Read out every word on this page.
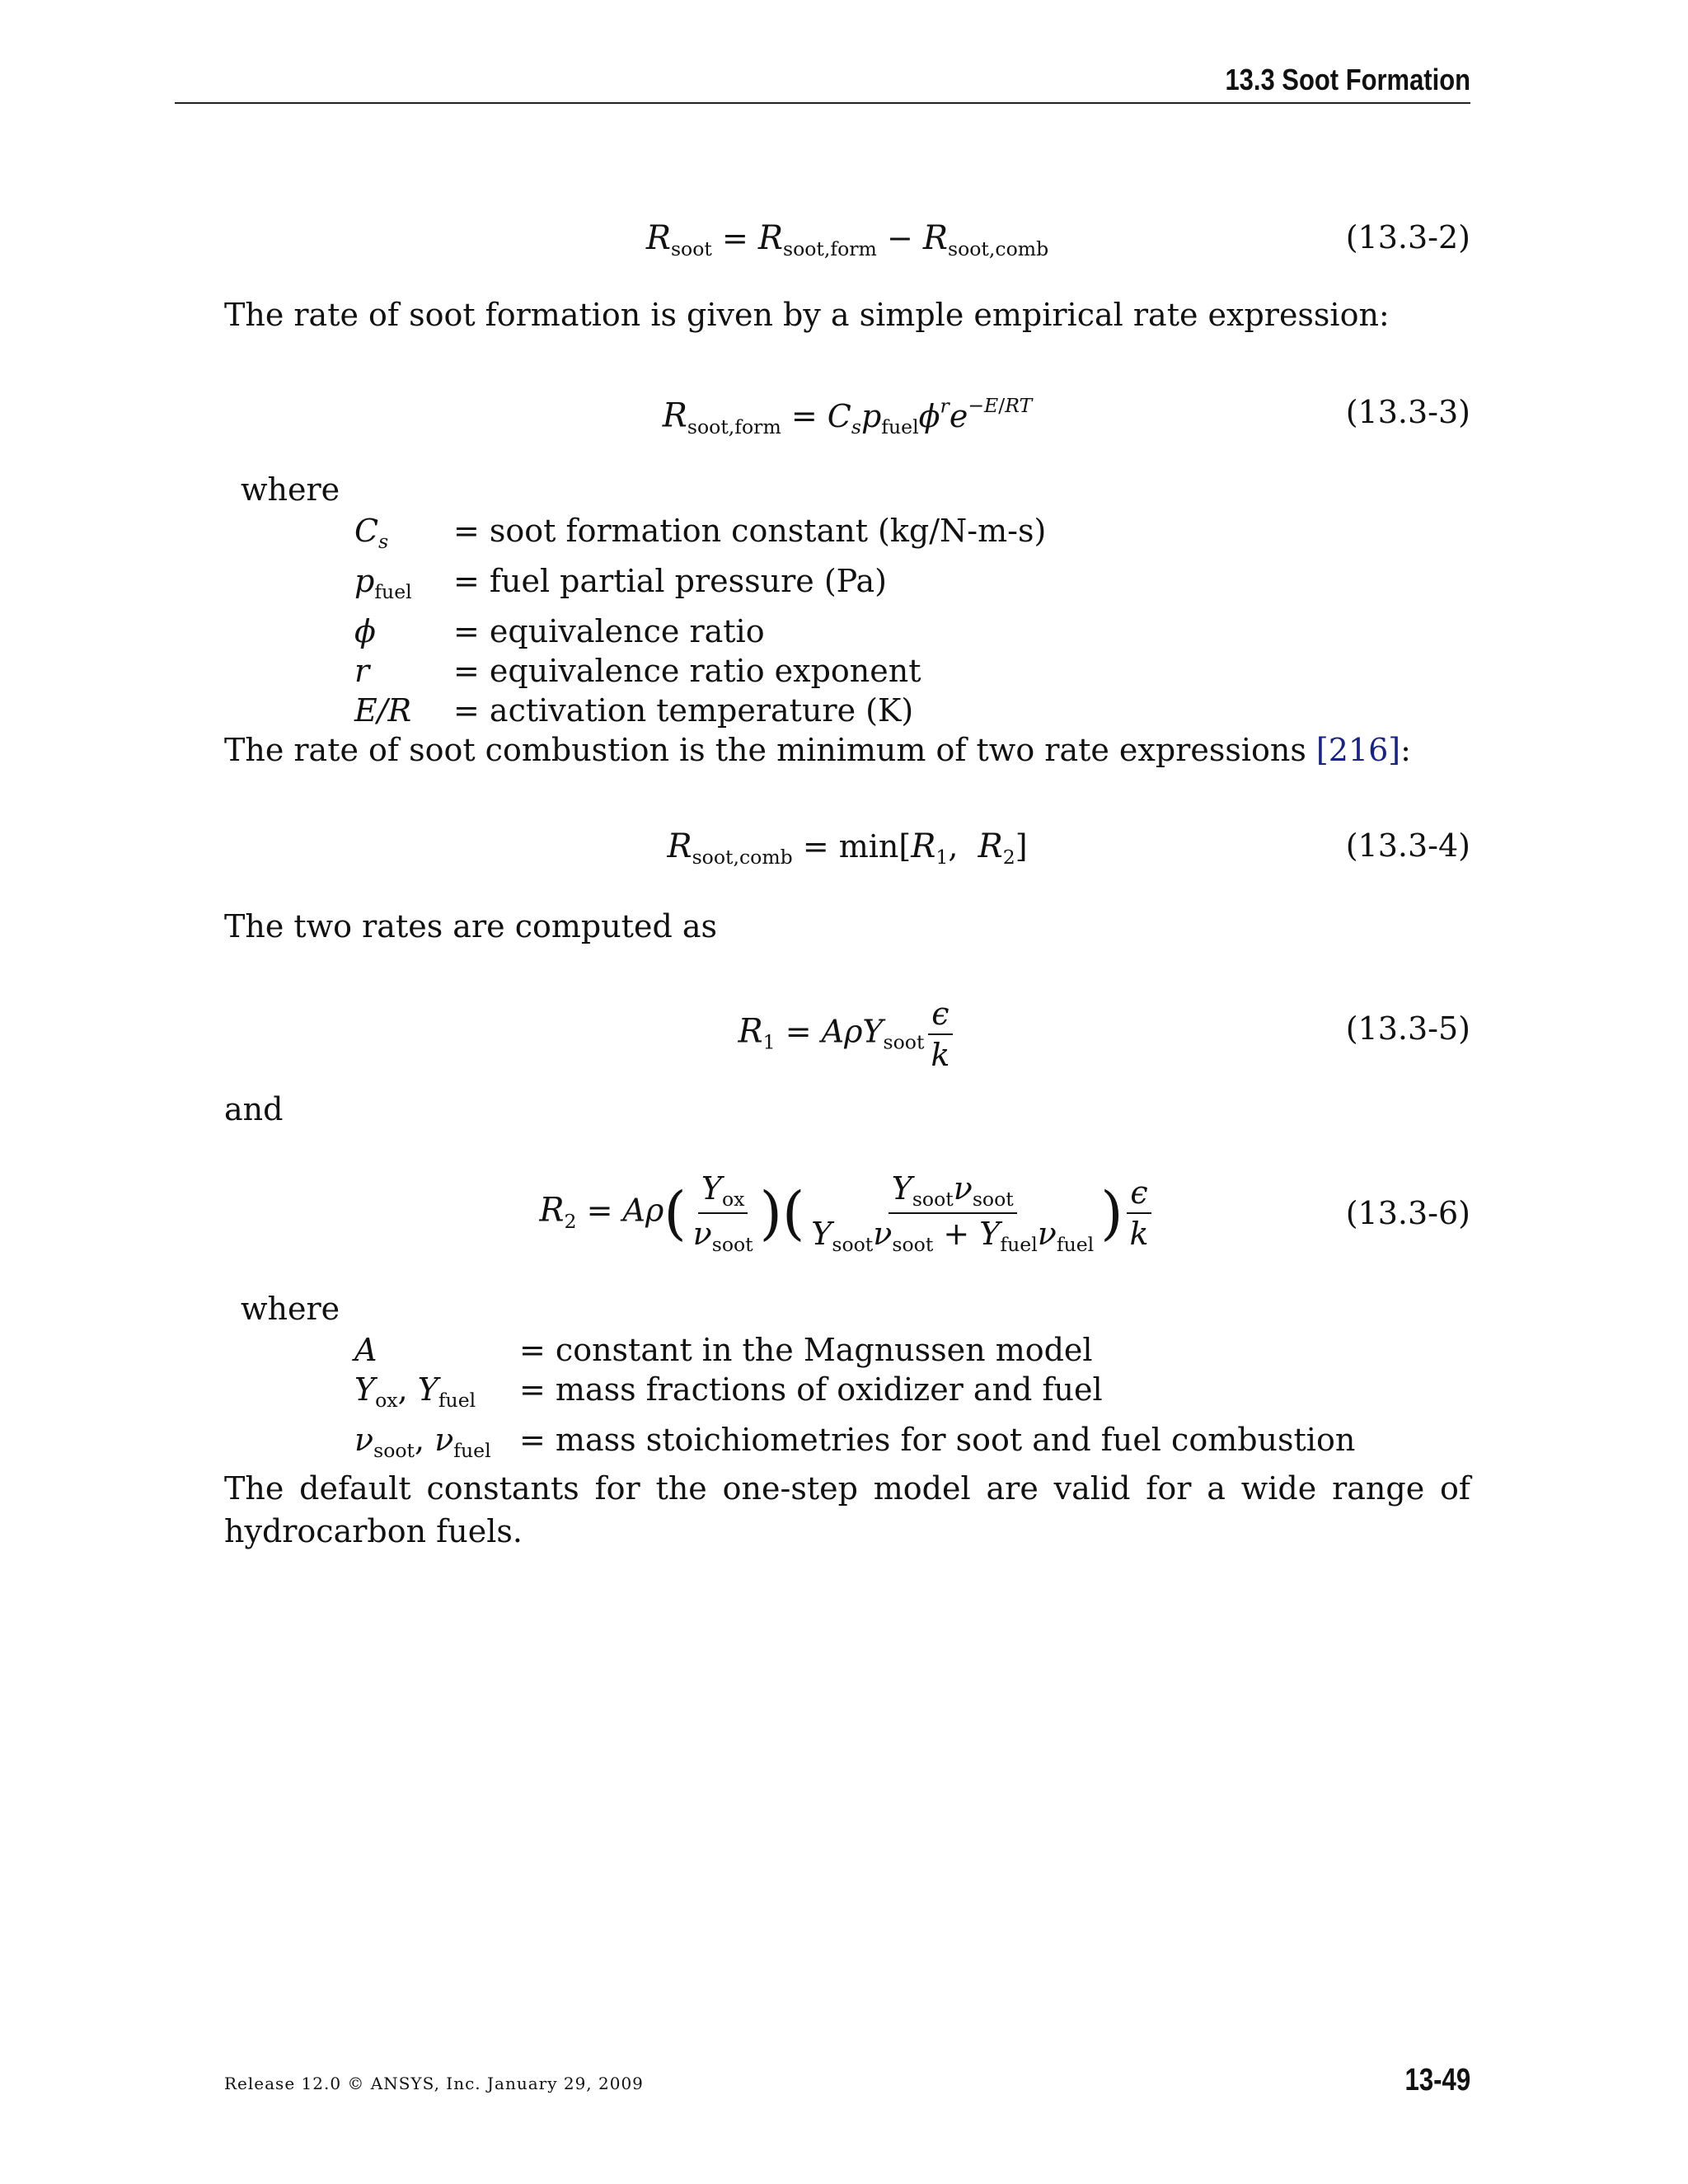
13.3 Soot Formation
$R_{soot} = R_{soot,form} - R_{soot,comb}$	(13.3-2)
The rate of soot formation is given by a simple empirical rate expression:
$R_{soot,form} = C_sp_{fuel}\phi^re^{-E/RT}$	(13.3-3)
where
$C_s$	= soot formation constant (kg/N-m-s)
$p_{fuel}$	= fuel partial pressure (Pa)
ϕ	= equivalence ratio
r	= equivalence ratio exponent
E/R	= activation temperature (K)
The rate of soot combustion is the minimum of two rate expressions [216]:
$R_{soot,comb} = \min[R_1$,  $R_2$]	(13.3-4)
The two rates are computed as
$R_1 = A\rho Y_{soot} \frac{\epsilon}{k}$	(13.3-5)
and
$R_2 = A\rho( \frac{Y_{ox}}{\nu_{soot}}$ )( $\frac{Y_{soot}\nu_{soot}}{Y_{soot}\nu_{soot} + Y_{fuel}\nu_{fuel}}$ ) $\frac{\epsilon}{k}$	(13.3-6)
where
A	= constant in the Magnussen model
$Y_{ox}$, $Y_{fuel}$	= mass fractions of oxidizer and fuel
$\nu_{soot}$, $\nu_{fuel}$ = mass stoichiometries for soot and fuel combustion
The default constants for the one-step model are valid for a wide range of hydrocarbon fuels.
Release 12.0 © ANSYS, Inc. January 29, 2009	13-49
